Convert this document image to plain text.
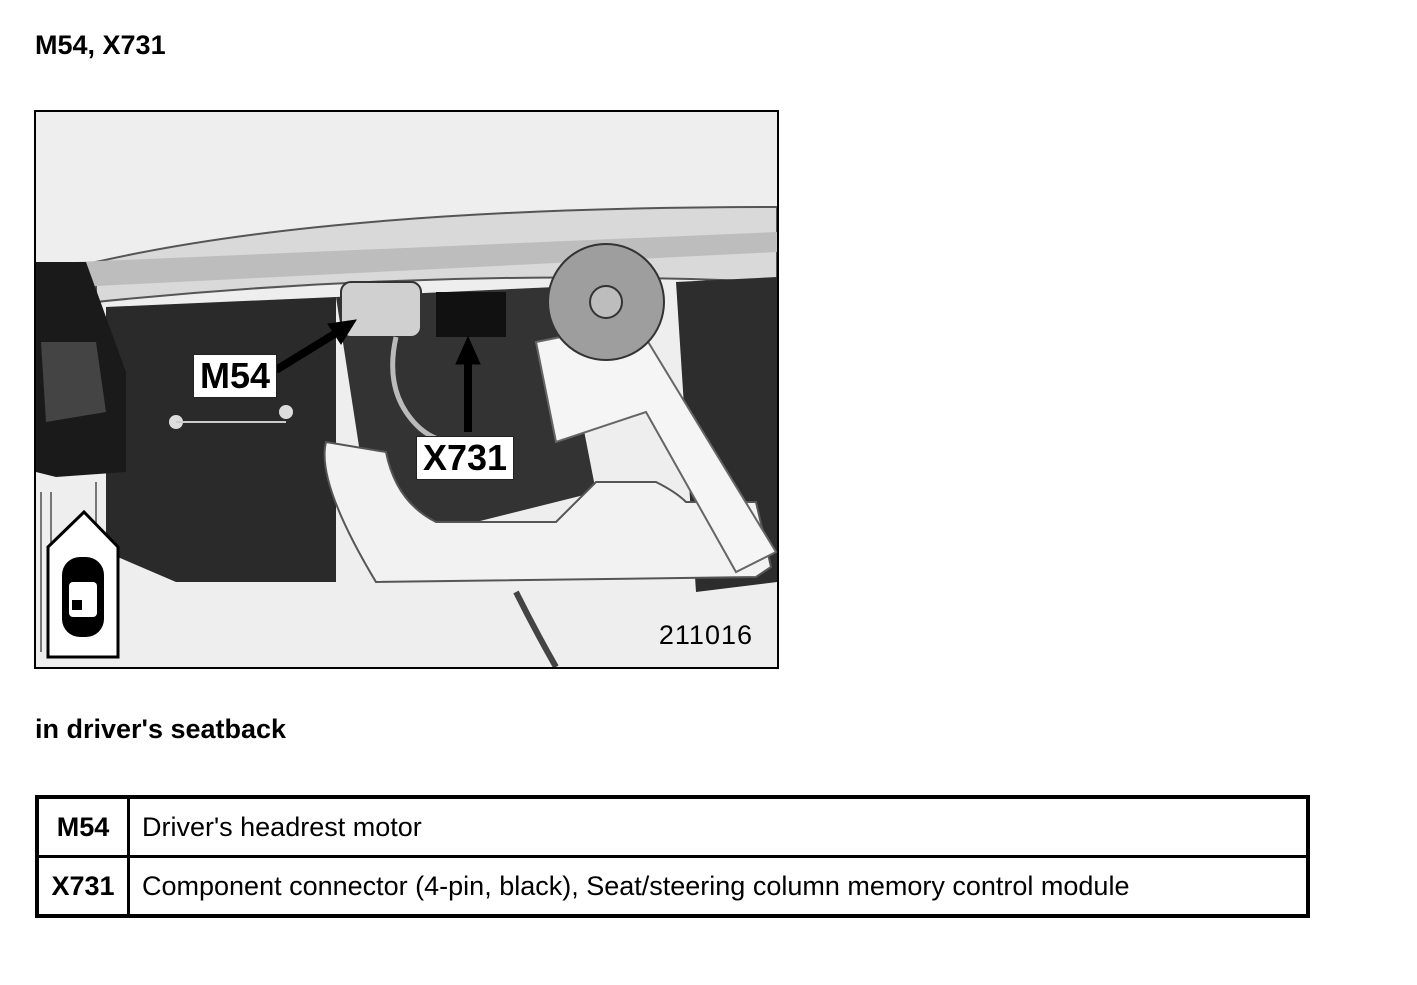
M54, X731
M54
X731
211016
in driver's seatback
M54	Driver's headrest motor
X731	Component connector (4-pin, black), Seat/steering column memory control module
